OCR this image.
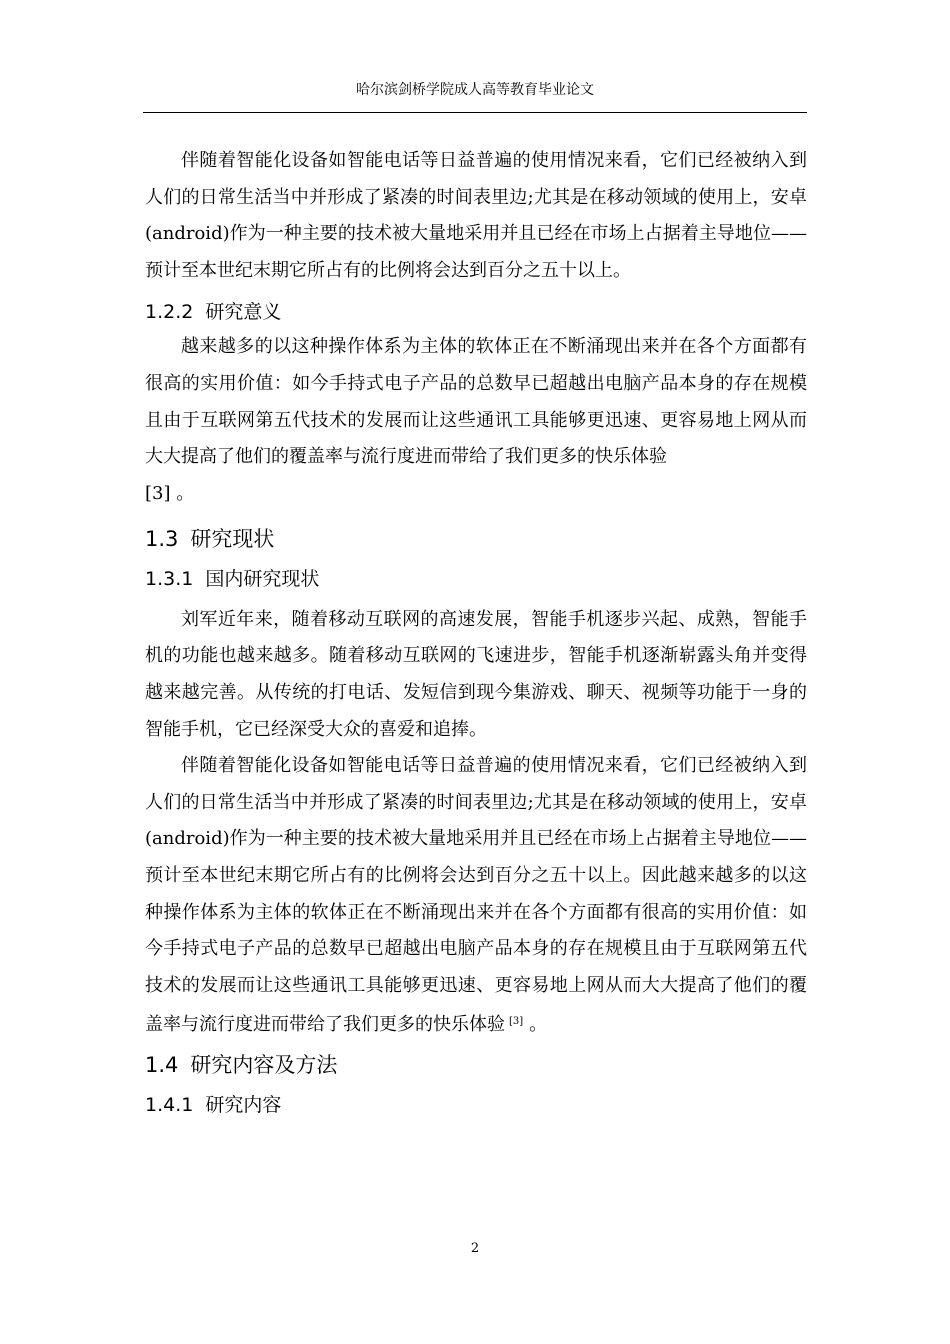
哈尔滨剑桥学院成人高等教育毕业论文

伴随着智能化设备如智能电话等日益普遍的使用情况来看，它们已经被纳入到人们的日常生活当中并形成了紧凑的时间表里边;尤其是在移动领域的使用上，安卓(android)作为一种主要的技术被大量地采用并且已经在市场上占据着主导地位——预计至本世纪末期它所占有的比例将会达到百分之五十以上。

1.2.2 研究意义

越来越多的以这种操作体系为主体的软体正在不断涌现出来并在各个方面都有很高的实用价值：如今手持式电子产品的总数早已超越出电脑产品本身的存在规模且由于互联网第五代技术的发展而让这些通讯工具能够更迅速、更容易地上网从而大大提高了他们的覆盖率与流行度进而带给了我们更多的快乐体验

[3] 。

1.3 研究现状
1.3.1 国内研究现状

刘军近年来，随着移动互联网的高速发展，智能手机逐步兴起、成熟，智能手机的功能也越来越多。随着移动互联网的飞速进步，智能手机逐渐崭露头角并变得越来越完善。从传统的打电话、发短信到现今集游戏、聊天、视频等功能于一身的智能手机，它已经深受大众的喜爱和追捧。

伴随着智能化设备如智能电话等日益普遍的使用情况来看，它们已经被纳入到人们的日常生活当中并形成了紧凑的时间表里边;尤其是在移动领域的使用上，安卓(android)作为一种主要的技术被大量地采用并且已经在市场上占据着主导地位——预计至本世纪末期它所占有的比例将会达到百分之五十以上。因此越来越多的以这种操作体系为主体的软体正在不断涌现出来并在各个方面都有很高的实用价值：如今手持式电子产品的总数早已超越出电脑产品本身的存在规模且由于互联网第五代技术的发展而让这些通讯工具能够更迅速、更容易地上网从而大大提高了他们的覆盖率与流行度进而带给了我们更多的快乐体验 [3] 。

1.4 研究内容及方法
1.4.1 研究内容
2
